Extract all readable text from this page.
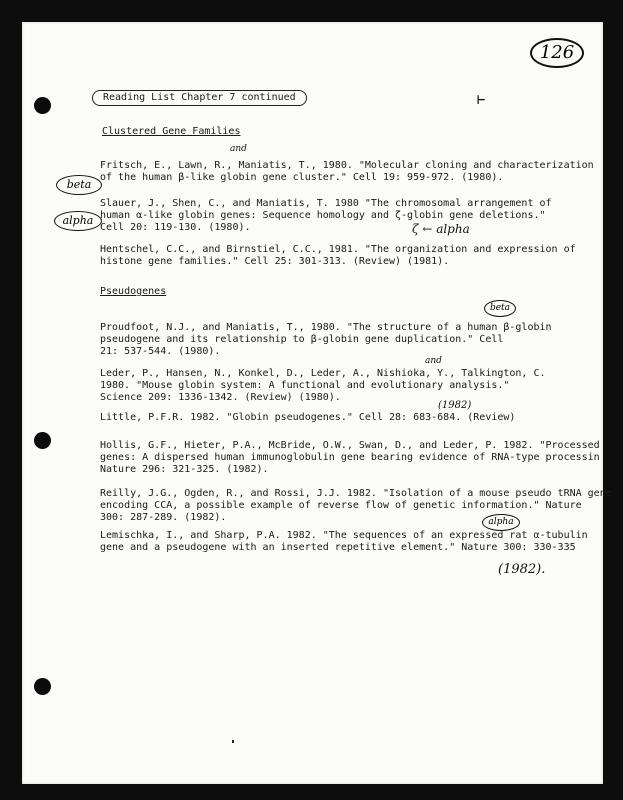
126
Reading List Chapter 7 continued	⊢
Clustered Gene Families
Fritsch, E., Lawn, R., Maniatis, T., 1980. "Molecular cloning and characterization
of the human β-like globin gene cluster." Cell 19: 959-972. (1980).
Slauer, J., Shen, C., and Maniatis, T. 1980 "The chromosomal arrangement of
human α-like globin genes: Sequence homology and ζ-globin gene deletions."
Cell 20: 119-130. (1980).
Hentschel, C.C., and Birnstiel, C.C., 1981. "The organization and expression of
histone gene families." Cell 25: 301-313. (Review) (1981).
Pseudogenes
Proudfoot, N.J., and Maniatis, T., 1980. "The structure of a human β-globin
pseudogene and its relationship to β-globin gene duplication." Cell
21: 537-544. (1980).
Leder, P., Hansen, N., Konkel, D., Leder, A., Nishioka, Y., Talkington, C.
1980. "Mouse globin system: A functional and evolutionary analysis."
Science 209: 1336-1342. (Review) (1980).
Little, P.F.R. 1982. "Globin pseudogenes." Cell 28: 683-684. (Review)
Hollis, G.F., Hieter, P.A., McBride, O.W., Swan, D., and Leder, P. 1982. "Processed
genes: A dispersed human immunoglobulin gene bearing evidence of RNA-type processin
Nature 296: 321-325. (1982).
Reilly, J.G., Ogden, R., and Rossi, J.J. 1982. "Isolation of a mouse pseudo tRNA gene
encoding CCA, a possible example of reverse flow of genetic information." Nature
300: 287-289. (1982).
Lemischka, I., and Sharp, P.A. 1982. "The sequences of an expressed rat α-tubulin
gene and a pseudogene with an inserted repetitive element." Nature 300: 330-335
(1982).
and
beta
alpha
ζ ← alpha
beta
and
(1982)
alpha
